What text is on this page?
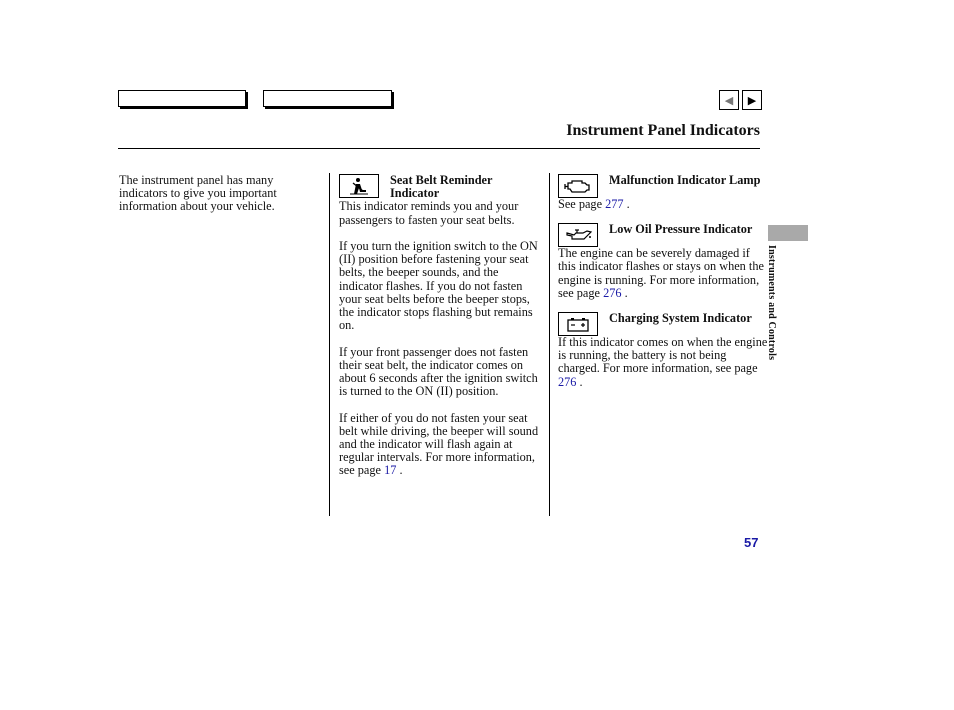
◀ ▶
Instrument Panel Indicators
The instrument panel has many indicators to give you important information about your vehicle.
Seat Belt Reminder Indicator

This indicator reminds you and your passengers to fasten your seat belts.

If you turn the ignition switch to the ON (II) position before fastening your seat belts, the beeper sounds, and the indicator flashes. If you do not fasten your seat belts before the beeper stops, the indicator stops flashing but remains on.

If your front passenger does not fasten their seat belt, the indicator comes on about 6 seconds after the ignition switch is turned to the ON (II) position.

If either of you do not fasten your seat belt while driving, the beeper will sound and the indicator will flash again at regular intervals. For more information, see page 17 .

Malfunction Indicator Lamp
See page 277 .
Low Oil Pressure Indicator
The engine can be severely damaged if this indicator flashes or stays on when the engine is running. For more information, see page 276 .
Charging System Indicator
If this indicator comes on when the engine is running, the battery is not being charged. For more information, see page 276 .
Instruments and Controls
57
